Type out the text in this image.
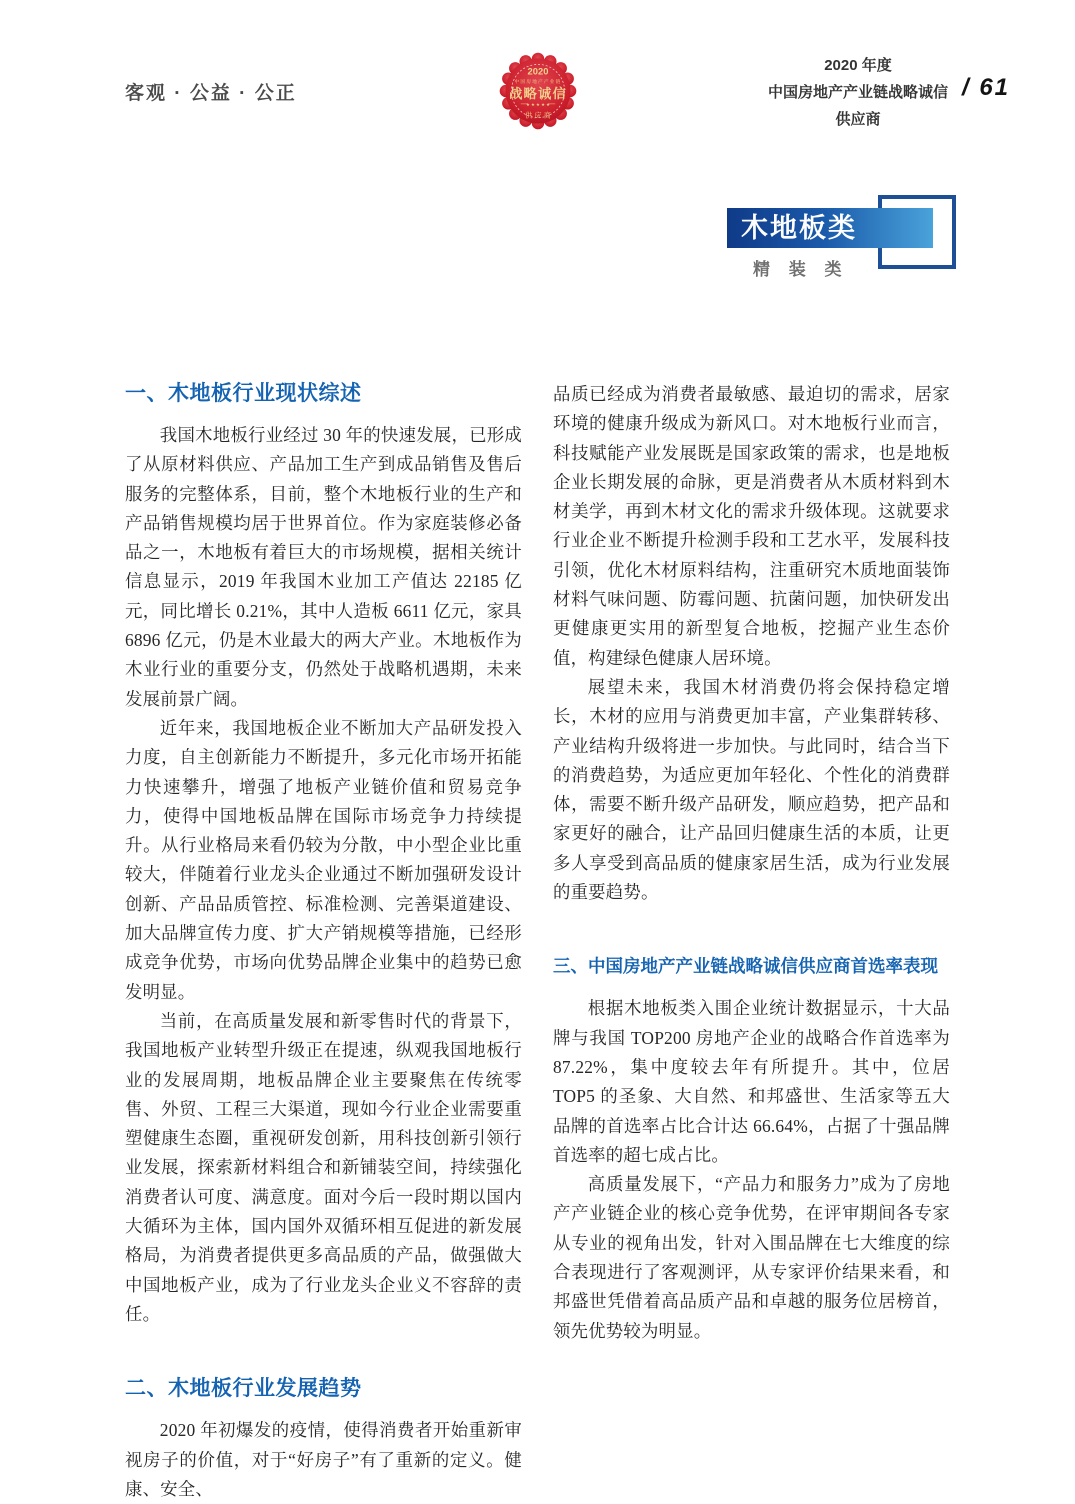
客观 · 公益 · 公正
2020
中国房地产产业链
战略诚信
★ ★ ★ ★ ★
供应商
2020 年度
中国房地产产业链战略诚信
供应商
/ 61
木地板类
精 装 类
一、木地板行业现状综述

我国木地板行业经过 30 年的快速发展，已形成了从原材料供应、产品加工生产到成品销售及售后服务的完整体系，目前，整个木地板行业的生产和产品销售规模均居于世界首位。作为家庭装修必备品之一，木地板有着巨大的市场规模，据相关统计信息显示，2019 年我国木业加工产值达 22185 亿元，同比增长 0.21%，其中人造板 6611 亿元，家具 6896 亿元，仍是木业最大的两大产业。木地板作为木业行业的重要分支，仍然处于战略机遇期，未来发展前景广阔。

近年来，我国地板企业不断加大产品研发投入力度，自主创新能力不断提升，多元化市场开拓能力快速攀升，增强了地板产业链价值和贸易竞争力，使得中国地板品牌在国际市场竞争力持续提升。从行业格局来看仍较为分散，中小型企业比重较大，伴随着行业龙头企业通过不断加强研发设计创新、产品品质管控、标准检测、完善渠道建设、加大品牌宣传力度、扩大产销规模等措施，已经形成竞争优势，市场向优势品牌企业集中的趋势已愈发明显。

当前，在高质量发展和新零售时代的背景下，我国地板产业转型升级正在提速，纵观我国地板行业的发展周期，地板品牌企业主要聚焦在传统零售、外贸、工程三大渠道，现如今行业企业需要重塑健康生态圈，重视研发创新，用科技创新引领行业发展，探索新材料组合和新铺装空间，持续强化消费者认可度、满意度。面对今后一段时期以国内大循环为主体，国内国外双循环相互促进的新发展格局，为消费者提供更多高品质的产品，做强做大中国地板产业，成为了行业龙头企业义不容辞的责任。

二、木地板行业发展趋势

2020 年初爆发的疫情，使得消费者开始重新审视房子的价值，对于“好房子”有了重新的定义。健康、安全、

品质已经成为消费者最敏感、最迫切的需求，居家环境的健康升级成为新风口。对木地板行业而言，科技赋能产业发展既是国家政策的需求，也是地板企业长期发展的命脉，更是消费者从木质材料到木材美学，再到木材文化的需求升级体现。这就要求行业企业不断提升检测手段和工艺水平，发展科技引领，优化木材原料结构，注重研究木质地面装饰材料气味问题、防霉问题、抗菌问题，加快研发出更健康更实用的新型复合地板，挖掘产业生态价值，构建绿色健康人居环境。

展望未来，我国木材消费仍将会保持稳定增长，木材的应用与消费更加丰富，产业集群转移、产业结构升级将进一步加快。与此同时，结合当下的消费趋势，为适应更加年轻化、个性化的消费群体，需要不断升级产品研发，顺应趋势，把产品和家更好的融合，让产品回归健康生活的本质，让更多人享受到高品质的健康家居生活，成为行业发展的重要趋势。

三、中国房地产产业链战略诚信供应商首选率表现

根据木地板类入围企业统计数据显示，十大品牌与我国 TOP200 房地产企业的战略合作首选率为 87.22%，集中度较去年有所提升。其中，位居 TOP5 的圣象、大自然、和邦盛世、生活家等五大品牌的首选率占比合计达 66.64%，占据了十强品牌首选率的超七成占比。

高质量发展下，“产品力和服务力”成为了房地产产业链企业的核心竞争优势，在评审期间各专家从专业的视角出发，针对入围品牌在七大维度的综合表现进行了客观测评，从专家评价结果来看，和邦盛世凭借着高品质产品和卓越的服务位居榜首，领先优势较为明显。
